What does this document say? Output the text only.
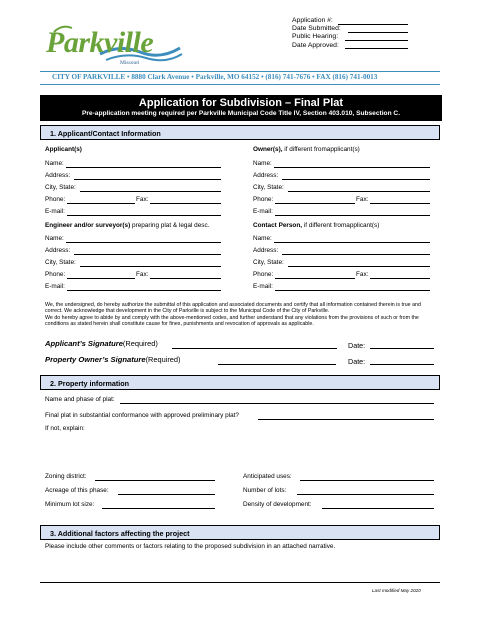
Parkville
Missouri
Application #:
Date Submitted:
Public Hearing:
Date Approved:
CITY OF PARKVILLE • 8880 Clark Avenue • Parkville, MO 64152 • (816) 741-7676 • FAX (816) 741-0013
Application for Subdivision – Final Plat
Pre-application meeting required per Parkville Municipal Code Title IV, Section 403.010, Subsection C.
1. Applicant/Contact Information
Applicant(s)
Name:
Address:
City, State:
Phone:	Fax:
E-mail:
Owner(s), if different fromapplicant(s)
Name:
Address:
City, State:
Phone:	Fax:
E-mail:
Engineer and/or surveyor(s) preparing plat & legal desc.
Name:
Address:
City, State:
Phone:	Fax:
E-mail:
Contact Person, if different fromapplicant(s)
Name:
Address:
City, State:
Phone:	Fax:
E-mail:
We, the undersigned, do hereby authorize the submittal of this application and associated documents and certify that all information contained therein is true and correct. We acknowledge that development in the City of Parkville is subject to the Municipal Code of the City of Parkville.
We do hereby agree to abide by and comply with the above-mentioned codes, and further understand that any violations from the provisions of such or from the conditions as stated herein shall constitute cause for fines, punishments and revocation of approvals as applicable.
Applicant’s Signature(Required)	Date:
Property Owner’s Signature(Required)	Date:
2. Property information
Name and phase of plat:
Final plat in substantial conformance with approved preliminary plat?
If not, explain:
Zoning district:
Acreage of this phase:
Minimum lot size:
Anticipated uses:
Number of lots:
Density of development:
3. Additional factors affecting the project
Please include other comments or factors relating to the proposed subdivision in an attached narrative.
Last modified May 2020
